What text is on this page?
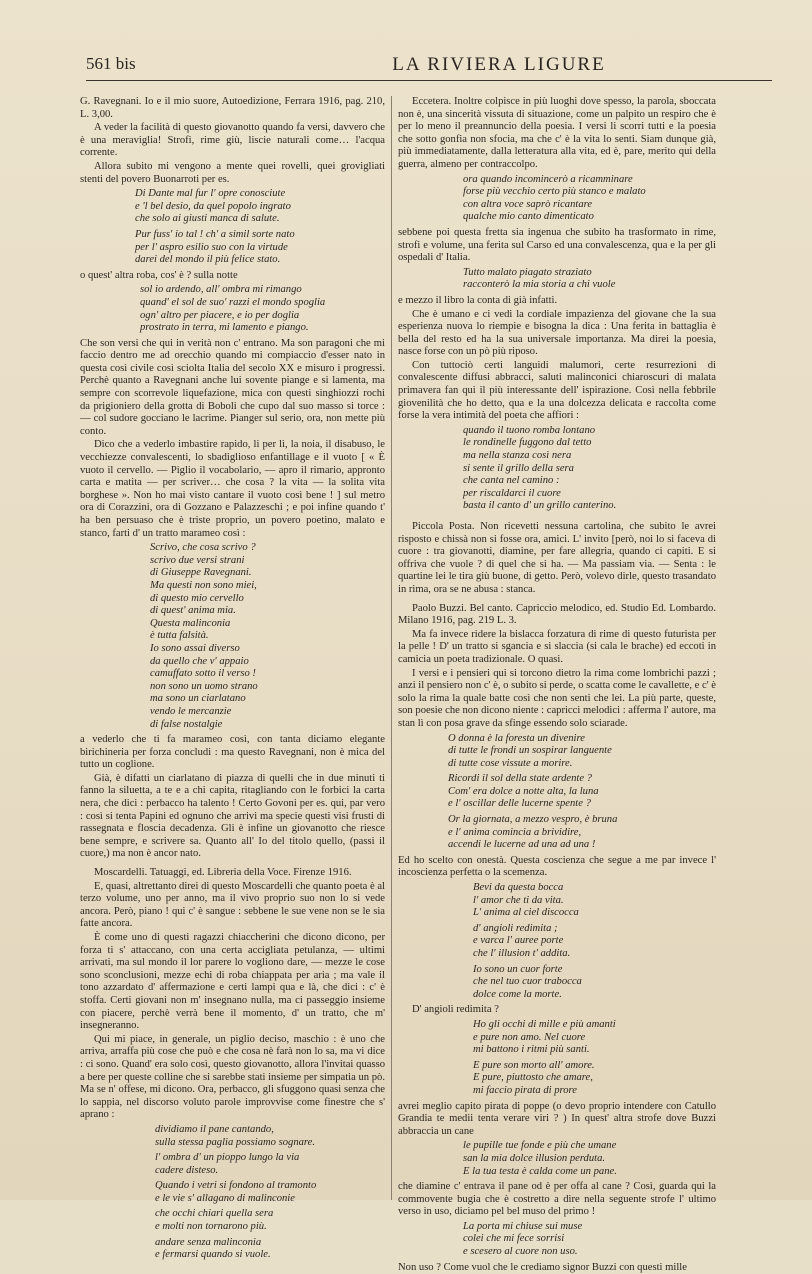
561 bis	LA RIVIERA LIGURE

G. Ravegnani. Io e il mio suore, Autoedizione, Ferrara 1916, pag. 210, L. 3,00.

A veder la facilità di questo giovanotto quando fa versi, davvero che è una meraviglia! Strofi, rime giù, liscie naturali come… l'acqua corrente.

Allora subito mi vengono a mente quei rovelli, quei grovigliati stenti del povero Buonarroti per es.

Di Dante mal fur l' opre conosciute
e 'l bel desio, da quel popolo ingrato
che solo ai giusti manca di salute.
Pur fuss' io tal ! ch' a simil sorte nato
per l' aspro esilio suo con la virtude
darei del mondo il più felice stato.

o quest' altra roba, cos' è ? sulla notte

sol io ardendo, all' ombra mi rimango
quand' el sol de suo' razzi el mondo spoglia
ogn' altro per piacere, e io per doglia
prostrato in terra, mi lamento e piango.

Che son versi che qui in verità non c' entrano. Ma son paragoni che mi faccio dentro me ad orecchio quando mi compiaccio d'esser nato in questa così civile così sciolta Italia del secolo XX e misuro i progressi. Perchè quanto a Ravegnani anche lui sovente piange e si lamenta, ma sempre con scorrevole liquefazione, mica con questi singhiozzi rochi da prigioniero della grotta di Boboli che cupo dal suo masso si torce : — col sudore gocciano le lacrime. Pianger sul serio, ora, non mette più conto.

Dico che a vederlo imbastire rapido, li per lì, la noia, il disabuso, le vecchiezze convalescenti, lo sbadigliosо enfantillage e il vuoto [ « È vuoto il cervello. — Piglio il vocabolario, — apro il rimario, appronto carta e matita — per scriver… che cosa ? la vita — la solita vita borghese ». Non ho mai visto cantare il vuoto così bene ! ] sul metro ora di Corazzini, ora di Gozzano e Palazzeschi ; e poi infine quando t' ha ben persuaso che è triste proprio, un povero poetino, malato e stanco, farti d' un tratto marameo così :

Scrivo, che cosa scrivo ?
scrivo due versi strani
di Giuseppe Ravegnani.
Ma questi non sono miei,
di questo mio cervello
di quest' anima mia.
Questa malinconia
è tutta falsità.
Io sono assai diverso
da quello che v' appaio
camuffato sotto il verso !
non sono un uomo strano
ma sono un ciarlatano
vendo le mercanzie
di false nostalgie

a vederlo che ti fa marameo così, con tanta diciamo elegante birichineria per forza concludi : ma questo Ravegnani, non è mica del tutto un coglione.

Già, è difatti un ciarlatano di piazza di quelli che in due minuti ti fanno la siluetta, a te e a chi capita, ritagliando con le forbici la carta nera, che dici : perbacco ha talento ! Certo Govoni per es. qui, par vero : così si tenta Papini ed ognuno che arrivi ma specie questi visi frusti di rassegnata e floscia decadenza. Gli è infine un giovanotto che riesce bene sempre, e scrivere sa. Quanto all' Io del titolo quello, (passi il cuore,) ma non è ancor nato.

Moscardelli. Tatuaggi, ed. Libreria della Voce. Firenze 1916.

E, quasi, altrettanto direi di questo Moscardelli che quanto poeta è al terzo volume, uno per anno, ma il vivo proprio suo non lo si vede ancora. Però, piano ! qui c' è sangue : sebbene le sue vene non se le sia fatte ancora.

È come uno di questi ragazzi chiaccherini che dicono dicono, per forza ti s' attaccano, con una certa accigliata petulanza, — ultimi arrivati, ma sul mondo il lor parere lo vogliono dare, — mezze le cose sono sconclusioni, mezze echi di roba chiappata per aria ; ma vale il tono azzardato d' affermazione e certi lampi qua e là, che dici : c' è stoffa. Certi giovani non m' insegnano nulla, ma ci passeggio insieme con piacere, perchè verrà bene il momento, d' un tratto, che m' insegneranno.

Qui mi piace, in generale, un piglio deciso, maschio : è uno che arriva, arraffa più cose che può e che cosa nè farà non lo sa, ma vi dice : ci sono. Quand' era solo così, questo giovanotto, allora l'invitai quasso a bere per queste colline che si sarebbe stati insieme per simpatia un pò. Ma se n' offese, mi dicono. Ora, perbacco, gli sfuggono quasi senza che lo sappia, nel discorso voluto parole improvvise come finestre che s' aprano :

dividiamo il pane cantando,
sulla stessa paglia possiamo sognare.
l' ombra d' un pioppo lungo la via
cadere disteso.
Quando i vetri si fondono al tramonto
e le vie s' allagano di malinconie
che occhi chiari quella sera
e molti non tornarono più.
andare senza malinconia
e fermarsi quando si vuole.

Eccetera. Inoltre colpisce in più luoghi dove spesso, la parola, sboccata non è, una sincerità vissuta di situazione, come un palpito un respiro che è per lo meno il preannuncio della poesia. I versi li scorri tutti e la poesia che sotto gonfia non sfocia, ma che c' è la vita lo senti. Siam dunque già, più immediatamente, dalla letteratura alla vita, ed è, pare, merito qui della guerra, almeno per contraccolpo.

ora quando incomincerò a ricamminare
forse più vecchio certo più stanco e malato
con altra voce saprò ricantare
qualche mio canto dimenticato

sebbene poi questa fretta sia ingenua che subito ha trasformato in rime, strofi e volume, una ferita sul Carso ed una convalescenza, qua e la per gli ospedali d' Italia.

Tutto malato piagato straziato
racconterò la mia storia a chi vuole

e mezzo il libro la conta di già infatti.

Che è umano e ci vedi la cordiale impazienza del giovane che la sua esperienza nuova lo riempie e bisogna la dica : Una ferita in battaglia è bella del resto ed ha la sua universale importanza. Ma direi la poesia, nasce forse con un pò più riposo.

Con tuttociò certi languidi malumori, certe resurrezioni di convalescente diffusi abbracci, saluti malinconici chiaroscuri di malata primavera fan qui il più interessante dell' ispirazione. Così nella febbrile giovenilità che ho detto, qua e la una dolcezza delicata e raccolta come forse la vera intimità del poeta che affiori :

quando il tuono romba lontano
le rondinelle fuggono dal tetto
ma nella stanza così nera
si sente il grillo della sera
che canta nel camino :
per riscaldarci il cuore
basta il canto d' un grillo canterino.

Piccola Posta. Non ricevetti nessuna cartolina, che subito le avrei risposto e chissà non si fosse ora, amici. L' invito [però, noi lo si faceva di cuore : tra giovanotti, diamine, per fare allegria, quando ci capiti. E si offriva che vuole ? di quel che si ha. — Ma passiam via. — Senta : le quartine lei le tira giù buone, di getto. Però, volevo dirle, questo trasandato in rima, ora se ne abusa : stanca.

Paolo Buzzi. Bel canto. Capriccio melodico, ed. Studio Ed. Lombardo. Milano 1916, pag. 219 L. 3.

Ma fa invece ridere la bislacca forzatura di rime di questo futurista per la pelle ! D' un tratto si sgancia e si slaccia (si cala le brache) ed eccoti in camicia un poeta tradizionale. O quasi.

I versi e i pensieri qui si torcono dietro la rima come lombrichi pazzi ; anzi il pensiero non c' è, o subito si perde, o scatta come le cavallette, e c' è solo la rima la quale batte così che non senti che lei. La più parte, queste, son poesie che non dicono niente : capricci melodici : afferma l' autore, ma stan lì con posa grave da sfinge essendo solo sciarade.

O donna è la foresta un divenire
di tutte le frondi un sospirar languente
di tutte cose vissute a morire.
Ricordi il sol della state ardente ?
Com' era dolce a notte alta, la luna
e l' oscillar delle lucerne spente ?
Or la giornata, a mezzo vespro, è bruna
e l' anima comincia a brividire,
accendi le lucerne ad una ad una !

Ed ho scelto con onestà. Questa coscienza che segue a me par invece l' incoscienza perfetta o la scemenza.

Bevi da questa bocca
l' amor che ti da vita.
L' anima al ciel discocca
d' angioli redimita ;
e varca l' auree porte
che l' illusion t' addita.
Io sono un cuor forte
che nel tuo cuor trabocca
dolce come la morte.

D' angioli redimita ?

Ho gli occhi di mille e più amanti
e pure non amo. Nel cuore
mi battono i ritmi più santi.
E pure son morto all' amore.
E pure, piuttosto che amare,
mi faccio pirata di prore

avrei meglio capito pirata di poppe (o devo proprio intendere con Catullo Grandia te medii tenta verare viri ? ) In quest' altra strofe dove Buzzi abbraccia un cane

le pupille tue fonde e più che umane
san la mia dolce illusion perduta.
E la tua testa è calda come un pane.

che diamine c' entrava il pane od è per offa al cane ? Così, guarda qui la commovente bugia che è costretto a dire nella seguente strofe l' ultimo verso in uso, diciamo pel bel muso del primo !

La porta mi chiuse sui muse
colei che mi fece sorrisi
e scesero al cuore non uso.

Non uso ? Come vuol che le crediamo signor Buzzi con questi mille
